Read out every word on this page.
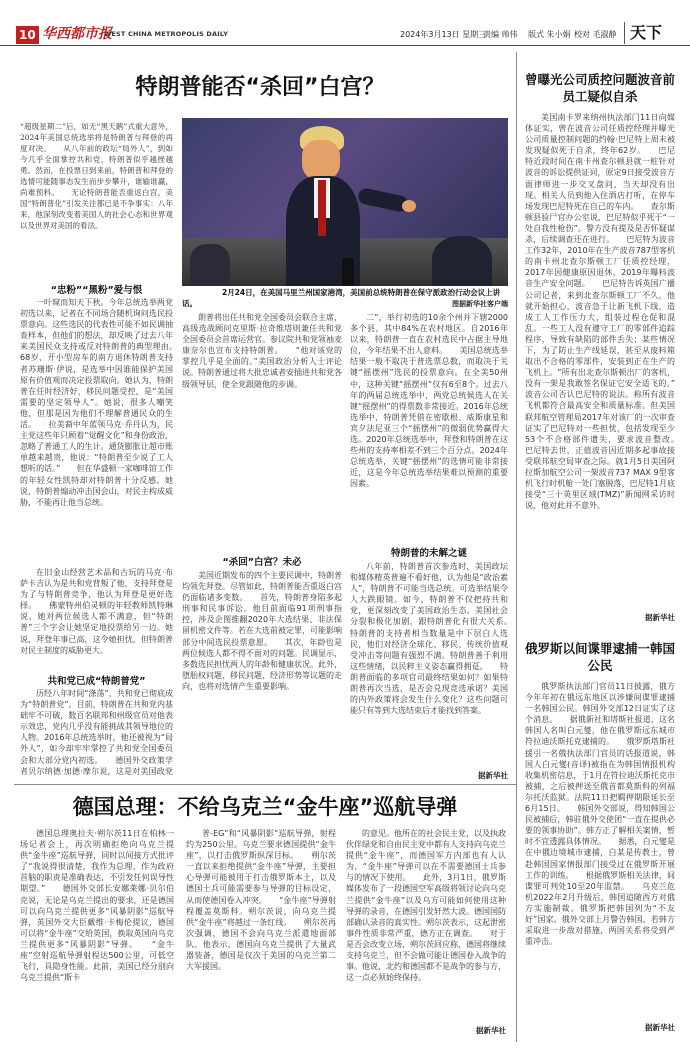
10 华西都市报
WEST CHINA METROPOLIS DAILY	2024年3月13日 星期三
责编 帅伟 版式 朱小娟 校对 毛淑静 天下
特朗普能否“杀回”白宫？
“超级星期二”后，如无“黑天鹅”式重大意外，2024年美国总统选举将是特朗普与拜登的再度对决。　　从八年前的政坛“局外人”，到如今几乎全面掌控共和党，特朗普似乎越挫越勇。然而，在投票日到来前，特朗普和拜登的选情可能随事态发生而步步攀升，谁输谁赢，尚难预料。　　无论特朗普能否重返白宫，美国“特朗普化”引发关注都已是不争事实：八年来，他深刻改变着美国人的社会心态和世界观以及世界对美国的看法。
2月24日，在美国马里兰州国家港湾，美国前总统特朗普在保守派政治行动会议上讲话。	图据新华社客户端
“忠粉”“黑粉”爱与恨
一叶窥而知天下秋。今年总统选举两党初选以来，记者在不同场合随机询问选民投票意向。这些选民的代表性可能不如民调抽查样本，但他们的想法，却反映了过去八年来美国民众支持或反对特朗普的典型理由。　　68岁、开小型房车的南方退休特朗普支持者苏珊斯·伊说，是选举中因谁能保护美国原有价值观而决定投票取向。她认为，特朗普在任时经济好，移民问题受控，是“美国需要的坚定领导人”。她说，很多人嘲笑他，但那是因为他们不理解普通民众的生活。　　拉美裔中年蓝领马克·乔丹认为，民主党这些年只顾着“觉醒文化”和身份政治，忽略了普通工人的生计。通货膨胀让超市账单越来越贵，他说：“特朗普至少说了工人想听的话。”　　但在华盛顿一家咖啡馆工作的年轻女性凯特却对特朗普十分反感。她说，特朗普煽动冲击国会山，对民主构成威胁，不能再让他当总统。
在旧金山经营艺术品和古玩的马克·布萨卡吉认为是共和党背叛了他，支持拜登是为了与特朗普竞争，他认为拜登是更好选择。　　佛蒙特州伯灵顿的年轻教师凯特琳说，她对两位候选人都不满意，但“特朗普”三个字会让她坚定地投票给另一边。她说，拜登年事已高，这令她担忧，但特朗普对民主制度的威胁更大。
共和党已成“特朗普党”
历经八年时间“涤荡”，共和党已彻底成为“特朗普党”。目前，特朗普在共和党内基础牢不可破，数百名联邦和州级官员对他表示效忠，党内几乎没有能挑战其领导地位的人物。2016年总统选举时，他还被视为“局外人”，如今却牢牢掌控了共和党全国委员会和大部分党内初选。　　德国外交政策学者贝尔纳德·加德·摩尔说，这是对美国政党　　
朗普将出任共和党全国委员会联合主席，高级选战顾问克里斯·拉奇维塔则兼任共和党全国委员会首席运营官。参议院共和党领袖麦康奈尔也宣布支持特朗普。　　“他对该党的掌控几乎是全面的。”美国政治分析人士评论说。特朗普通过将大批忠诚者安插进共和党各级领导层，使全党跟随他的步调。
“杀回”白宫？未必
美国近期发布的四个主要民调中，特朗普均领先拜登。尽管如此，特朗普能否重返白宫仍面临诸多变数。　　首先，特朗普身陷多起刑事和民事诉讼。他目前面临91项刑事指控，涉及企图推翻2020年大选结果、非法保留机密文件等。若在大选前被定罪，可能影响部分中间选民投票意愿。　　其次，年龄也是两位候选人都不得不面对的问题。民调显示，多数选民担忧两人的年龄和健康状况。此外，堕胎权问题、移民问题、经济形势等议题的走向，也将对选情产生重要影响。
二”，举行初选的10余个州并下辖2000多个县，其中84%在农村地区。自2016年以来，特朗普一直在农村选民中占据主导地位，今年结果不出人意料。　　美国总统选举结果一般不取决于普选票总数，而取决于关键“摇摆州”选民的投票意向。在全美50州中，这种关键“摇摆州”仅有6至8个。过去八年的两届总统选举中，两党总统候选人在关键“摇摆州”的得票数非常接近。2016年总统选举中，特朗普凭借在密歇根、威斯康星和宾夕法尼亚三个“摇摆州”的微弱优势赢得大选。2020年总统选举中，拜登和特朗普在这些州的支持率相差不到三个百分点。2024年总统选举，关键“摇摆州”的选情可能非常接近，这是今年总统选举结果难以预测的重要因素。
特朗普的未解之谜
八年前，特朗普首次参选时，美国政坛和媒体精英普遍不看好他，认为他是“政治素人”，特朗普不可能当选总统。可选举结果令人大跌眼镜。如今，特朗普不仅把持共和党，更深刻改变了美国政治生态。美国社会分裂和极化加剧，跟特朗普化有很大关系。　　特朗普的支持者相当数量是中下层白人选民，他们对经济全球化、移民、传统价值观受冲击等问题有强烈不满。特朗普善于利用这些情绪，以民粹主义姿态赢得拥趸。　　特朗普面临的多项官司最终结果如何？如果特朗普再次当选，是否会兑现竞选承诺？美国的内外政策将会发生什么变化？这些问题可能只有等到大选结束后才能找到答案。
据新华社
曾曝光公司质控问题波音前员工疑似自杀
美国南卡罗来纳州执法部门11日向媒体证实，曾在波音公司任质控经理并曝光公司质量控制问题的约翰·巴尼特上周末被发现疑似死于自杀，终年62岁。　　巴尼特近段时间在南卡州查尔顿县就一桩针对波音的诉讼提供证词，原定9日接受波音方面律师进一步交叉盘问，当天却没有出现。相关人员到他入住酒店打听，在停车场发现巴尼特死在自己的车内。　　查尔斯顿县验尸官办公室说，巴尼特似乎死于“一处自我性枪伤”。警方没有提及是否怀疑谋杀，后续调查还在进行。　　巴尼特为波音工作32年，2010年在生产波音787型客机的南卡州北查尔斯顿工厂任质控经理，2017年因健康原因退休，2019年曝料波音生产安全问题。　　巴尼特告诉英国广播公司记者，来到北查尔斯顿工厂不久，他就开始担心，波音急于让新飞机下线，造成工人工作压力大，组装过程仓促和混乱。一些工人没有遵守工厂的零部件追踪程序，导致有缺陷的部件丢失；某些情况下，为了防止生产线延误，甚至从废料箱取出不合格的零部件，安装到正在生产的飞机上。“所有出北查尔斯顿出厂的客机，没有一架是我敢签名保证它安全适飞的。”　　波音公司否认巴尼特的说法。称所有波音飞机都符合最高安全和质量标准。但美国联邦航空管理局2017年对该厂的一次审查证实了巴尼特对一些担忧，包括发现至少53个不合格部件遗失，要求波音整改。　　巴尼特去世，正值波音因近期多起事故接受联邦航空局审查之际。就1月5日美国阿拉斯加航空公司一架波音737 MAX 9型客机飞行时机舱一处门塞脱落，巴尼特1月底接受“三十英里区域(TMZ)”新闻网采访时说，他对此并不意外。
据新华社
俄罗斯以间谍罪逮捕一韩国公民
俄罗斯执法部门官员11日披露，俄方今年年初在俄远东地区以涉嫌间谍罪逮捕一名韩国公民。韩国外交部12日证实了这个消息。　　据俄新社和塔斯社报道，这名韩国人名叫白元燮，他在俄罗斯远东城市符拉迪沃斯托克逮捕的。　　俄罗斯塔斯社援引一名俄执法部门官员的话报道说，韩国人白元燮(音译)被指在为韩国情报机构收集机密信息，于1月在符拉迪沃斯托克市被捕，之后被押送至俄首都莫斯科的列福尔托沃监狱。法院11日把羁押期限延长至6月15日。　　韩国外交部说，得知韩国公民被捕后，韩驻俄外交使团“一直在提供必要的领事协助”。韩方正了解相关案情，暂时不宜透露具体情况。　　据悉，白元燮是在中俄边境城市逮捕，白某是传教士，曾赴韩国国家情报部门接受过在俄罗斯开展工作的训练。　　根据俄罗斯相关法律，间谍罪可判处10至20年监禁。　　乌克兰危机2022年2月升级后，韩国追随西方对俄方实施制裁。俄罗斯把韩国列为“不友好”国家。俄外交部上月警告韩国，若韩方采取进一步敌对措施，两国关系将受到严重冲击。
据新华社
德国总理：不给乌克兰“金牛座”巡航导弹
德国总理奥拉夫·朔尔茨11日在柏林一场记者会上，再次明确拒绝向乌克兰提供“金牛座”巡航导弹，同时以间接方式批评了“我说得很清楚，我作为总理，作为政府首脑的职责是准确表达，不引发任何误导性期望。”　　德国外交部长安娜莱娜·贝尔伯克说，无论是乌克兰提出的要求，还是德国可以向乌克兰提供更多“风暴阴影”巡航导弹，英国外交大臣戴维·卡梅伦提议，德国可以将“金牛座”交给英国，换取英国向乌克兰提供更多“风暴阴影”导弹。　　“金牛座”空射巡航导弹射程达500公里，可低空飞行，具隐身性能。此前，美国已经分别向乌克兰提供“斯卡
普-EG”和“风暴阴影”巡航导弹，射程约为250公里。乌克兰要求德国提供“金牛座”，以打击俄罗斯纵深目标。　　朔尔茨一直以来拒绝提供“金牛座”导弹，主要担心导弹可能被用于打击俄罗斯本土，以及德国士兵可能需要参与导弹的目标设定，从而使德国卷入冲突。　　“金牛座”导弹射程覆盖莫斯科。朔尔茨说，向乌克兰提供“金牛座”将越过一条红线。　　朔尔茨再次强调，德国不会向乌克兰派遣地面部队。他表示，德国向乌克兰提供了大量武器装备，德国是仅次于美国的乌克兰第二大军援国。
的意见。他所在的社会民主党，以及执政伙伴绿党和自由民主党中都有人支持向乌克兰提供“金牛座”，而德国军方内部也有人认为，“金牛座”导弹可以在不需要德国士兵参与的情况下使用。　　此外，3月1日，俄罗斯媒体发布了一段德国空军高级将领讨论向乌克兰提供“金牛座”以及乌方可能如何使用这种导弹的录音，在德国引发轩然大波。德国国防部确认录音的真实性。朔尔茨表示，这起泄密事件性质非常严重，德方正在调查。　　对于是否会改变立场，朔尔茨回应称，德国将继续支持乌克兰，但不会做可能让德国卷入战争的事。他说，北约和德国都不是战争的参与方，这一点必须始终保持。
据新华社
